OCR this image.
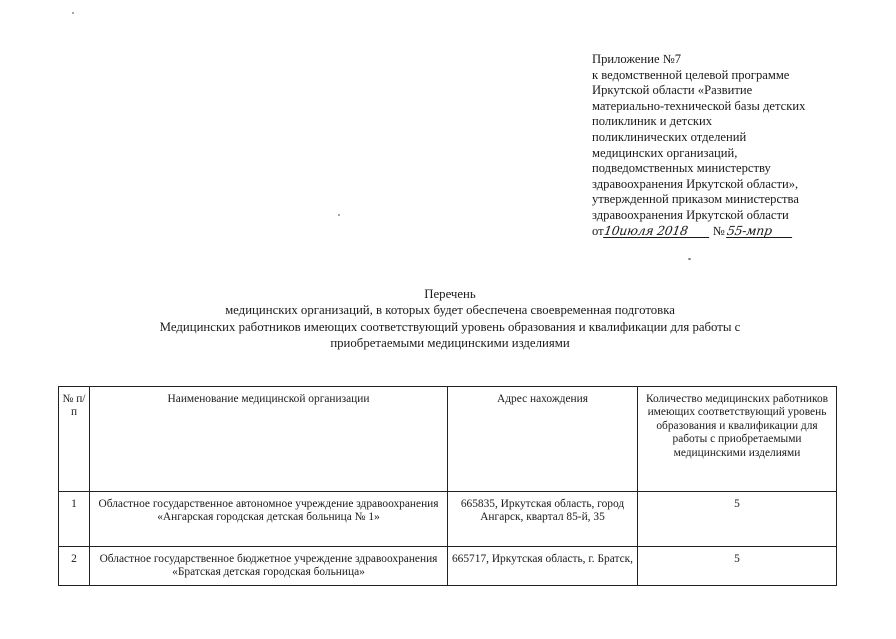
Приложение №7
к ведомственной целевой программе
Иркутской области «Развитие
материально-технической базы детских
поликлиник и детских
поликлинических отделений
медицинских организаций,
подведомственных министерству
здравоохранения Иркутской области»,
утвержденной приказом министерства
здравоохранения Иркутской области
от10июля 2018 №55-мпр
Перечень
медицинских организаций, в которых будет обеспечена своевременная подготовка
Медицинских работников имеющих соответствующий уровень образования и квалификации для работы с
приобретаемыми медицинскими изделиями
№ п/п	Наименование медицинской организации	Адрес нахождения	Количество медицинских работников имеющих соответствующий уровень образования и квалификации для работы с приобретаемыми медицинскими изделиями
1	Областное государственное автономное учреждение здравоохранения «Ангарская городская детская больница № 1»	665835, Иркутская область, город Ангарск, квартал 85-й, 35	5
2	Областное государственное бюджетное учреждение здравоохранения «Братская детская городская больница»	665717, Иркутская область, г. Братск,	5
